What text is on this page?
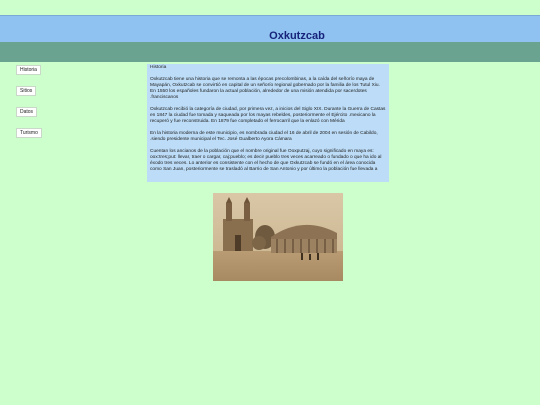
Oxkutzcab
Historia
Sitios
Datos
Turismo

Historia

Oxkutzcab tiene una historia que se remonta a las épocas precolombinas, a la caída del señorío maya de Mayapán, Oxkutzcab se convirtió en capital de un señorío regional gobernado por la familia de los Tutul Xiu. En 1550 los españoles fundaron la actual población, alrededor de una misión atendida por sacerdotes .franciscanos

Oxkutzcab recibió la categoría de ciudad, por primera vez, a inicios del Siglo XIX. Durante la Guerra de Castas en 1847 la ciudad fue tomada y saqueada por los mayas rebeldes, posteriormente el Ejército .mexicano la recuperó y fue reconstruida. En 1879 fue completado el ferrocarril que la enlazó con Mérida

En la historia moderna de este municipio, es nombrada ciudad el 16 de abril de 2004 en sesión de Cabildo, .siendo presidente municipal el Tec. José Gualberto Ayora Cámara

Cuentan los ancianos de la población que el nombre original fue Ooxputzaj, cuyo significado en maya es: oox:tres;put: llevar, traer o cargar, caj:pueblo; es decir pueblo tres veces acarreado o fundado o que ha ido al éxodo tres veces. Lo anterior es consistente con el hecho de que Oxkutzcab se fundó en el área conocida como San Juan, posteriormente se trasladó al Barrio de San Antonio y por último la población fue llevada a
